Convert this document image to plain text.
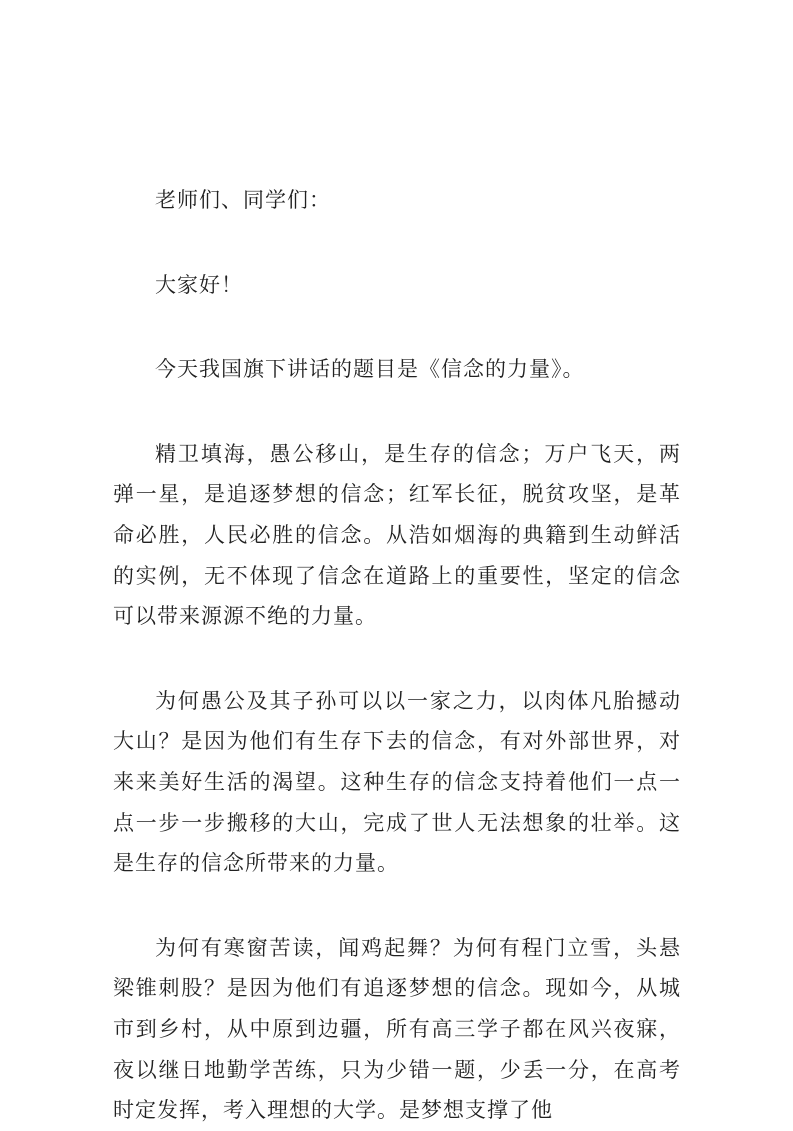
老师们、同学们：

大家好！

今天我国旗下讲话的题目是《信念的力量》。

精卫填海，愚公移山，是生存的信念；万户飞天，两弹一星，是追逐梦想的信念；红军长征，脱贫攻坚，是革命必胜，人民必胜的信念。从浩如烟海的典籍到生动鲜活的实例，无不体现了信念在道路上的重要性，坚定的信念可以带来源源不绝的力量。

为何愚公及其子孙可以以一家之力，以肉体凡胎撼动大山？是因为他们有生存下去的信念，有对外部世界，对来来美好生活的渴望。这种生存的信念支持着他们一点一点一步一步搬移的大山，完成了世人无法想象的壮举。这是生存的信念所带来的力量。

为何有寒窗苦读，闻鸡起舞？为何有程门立雪，头悬梁锥刺股？是因为他们有追逐梦想的信念。现如今，从城市到乡村，从中原到边疆，所有高三学子都在风兴夜寐，夜以继日地勤学苦练，只为少错一题，少丢一分，在高考时定发挥，考入理想的大学。是梦想支撑了他
